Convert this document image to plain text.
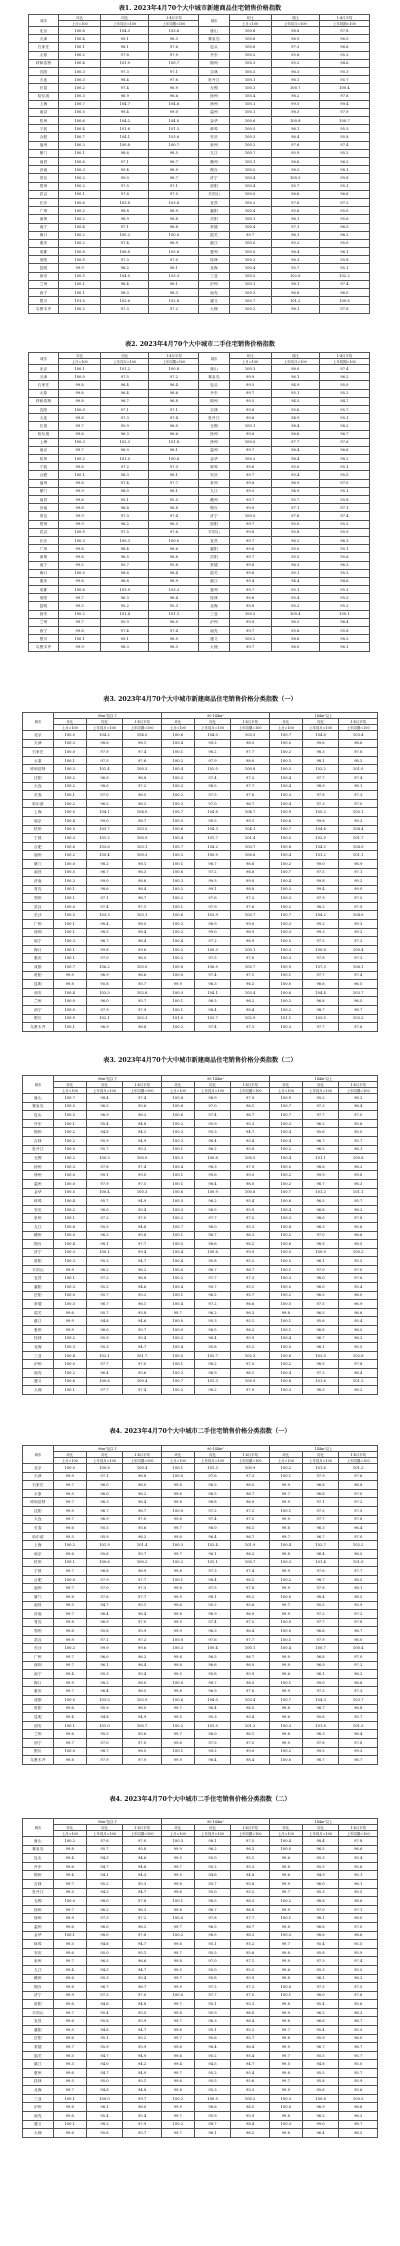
表1. 2023年4月70个大中城市新建商品住宅销售价格指数
城市	环比	同比	1-4月平均	城市	环比	同比	1-4月平均
	上月=100	上年同月=100	上年同期=100		上月=100	上年同月=100	上年同期=100
北京	100.6	104.3	103.6	唐山	100.8	98.8	97.8
天津	100.4	99.1	98.3	秦皇岛	100.6	96.9	96.0
石家庄	100.1	98.1	97.6	包头	100.6	97.3	96.6
太原	100.2	97.8	97.9	丹东	100.2	95.8	95.2
呼和浩特	100.4	101.9	100.7	锦州	100.3	95.2	94.6
沈阳	100.3	97.3	97.1	吉林	100.3	96.3	95.3
大连	100.3	98.4	97.6	牡丹江	100.1	96.1	95.7
长春	100.2	97.4	96.9	无锡	100.3	100.7	100.4
哈尔滨	100.3	96.9	96.6	扬州	100.4	98.2	97.8
上海	100.7	104.7	104.6	徐州	100.1	99.5	99.4
南京	100.5	99.4	99.0	温州	100.1	98.3	97.9
杭州	100.6	104.2	104.0	金华	100.6	100.8	100.7
宁波	100.4	101.6	101.3	蚌埠	100.5	96.1	95.3
合肥	100.7	104.1	103.6	安庆	100.3	96.4	95.8
福州	100.3	100.8	100.7	泉州	100.2	97.6	97.4
厦门	100.1	98.6	98.5	九江	100.7	95.9	95.2
南昌	100.6	97.1	96.7	赣州	100.1	96.6	96.2
济南	100.3	99.4	98.9	烟台	100.5	98.5	98.1
青岛	100.2	99.0	98.7	济宁	100.4	100.5	99.8
郑州	100.2	97.5	97.1	洛阳	100.4	95.7	95.1
武汉	100.1	97.8	97.5	平顶山	100.0	96.6	96.6
长沙	100.6	103.8	103.6	宜昌	100.2	97.6	97.2
广州	100.2	98.8	98.9	襄阳	100.4	95.6	95.0
深圳	100.2	98.9	98.8	岳阳	100.1	96.1	95.6
南宁	100.4	97.1	96.8	常德	100.4	97.1	96.5
海口	100.2	100.2	100.0	韶关	99.7	96.1	96.2
重庆	100.2	97.4	96.9	湛江	100.0	95.2	95.0
成都	100.8	106.8	105.6	惠州	100.0	96.4	96.1
贵阳	100.0	97.3	97.0	桂林	100.3	96.3	95.8
昆明	99.9	96.2	96.1	北海	100.4	95.7	95.1
西安	100.5	104.0	103.3	三亚	100.5	102.6	102.2
兰州	100.1	96.4	96.1	泸州	100.1	98.1	97.4
西宁	100.1	98.3	98.3	南充	100.3	96.8	96.0
银川	101.0	102.6	102.8	遵义	100.7	101.2	100.8
乌鲁木齐	100.2	97.3	97.2	大理	100.2	98.1	97.8
表2. 2023年4月70个大中城市二手住宅销售价格指数
城市	环比	同比	1-4月平均	城市	环比	同比	1-4月平均
	上月=100	上年同月=100	上年同期=100		上月=100	上年同月=100	上年同期=100
北京	100.1	101.2	100.8	唐山	100.3	98.0	97.4
天津	100.0	97.5	97.2	秦皇岛	99.9	96.1	96.2
石家庄	99.8	96.4	96.4	包头	99.5	94.9	95.0
太原	99.6	96.4	96.6	丹东	99.7	95.1	95.2
呼和浩特	99.8	96.7	96.8	锦州	99.5	94.5	94.7
沈阳	100.0	97.1	97.1	吉林	99.8	95.6	95.7
大连	99.8	97.3	97.4	牡丹江	99.6	94.9	95.1
长春	99.7	95.9	96.0	无锡	100.1	98.4	98.2
哈尔滨	99.6	96.3	96.6	扬州	99.8	96.6	96.7
上海	100.3	102.3	101.8	徐州	100.0	97.7	97.6
南京	99.7	96.0	96.1	温州	99.7	96.4	96.6
杭州	100.2	101.0	100.6	金华	100.2	98.4	98.2
宁波	99.8	97.2	97.3	蚌埠	99.6	95.0	95.1
合肥	100.1	98.3	98.1	安庆	99.7	95.4	95.5
福州	99.8	97.4	97.7	泉州	99.8	96.9	97.0
厦门	99.9	98.0	98.1	九江	99.5	94.9	95.1
南昌	99.6	95.1	95.5	赣州	99.7	95.7	95.8
济南	99.8	96.8	96.8	烟台	99.9	97.1	97.1
青岛	99.9	97.3	97.4	济宁	100.0	97.6	97.4
郑州	99.9	96.2	96.3	洛阳	99.7	95.0	95.2
武汉	100.0	97.5	97.6	平顶山	99.8	95.8	95.9
长沙	100.3	100.3	100.0	宜昌	99.7	96.2	96.3
广州	99.8	96.4	96.6	襄阳	99.6	95.0	95.1
深圳	99.8	96.5	96.8	岳阳	99.7	95.5	95.6
南宁	99.5	95.7	95.8	常德	99.8	96.3	96.3
海口	100.0	98.6	98.4	韶关	99.6	95.1	95.3
重庆	99.8	96.8	96.9	湛江	99.4	94.4	94.6
成都	100.6	103.9	103.3	惠州	99.7	95.1	95.3
贵阳	99.7	96.3	96.4	桂林	99.6	95.4	95.5
昆明	99.5	95.2	95.3	北海	99.8	95.2	95.2
西安	100.2	101.4	101.1	三亚	100.2	100.4	100.1
兰州	99.7	95.9	96.0	泸州	99.9	96.5	96.4
西宁	99.8	97.4	97.4	南充	99.7	95.8	95.8
银川	100.1	99.1	98.9	遵义	100.2	98.6	98.3
乌鲁木齐	99.9	98.3	98.3	大理	99.7	96.0	96.1
表3. 2023年4月70个大中城市新建商品住宅销售价格分类指数（一）
城市	90m²及以下			90-144m²			144m²以上		
	环比	同比	1-4月平均	环比	同比	1-4月平均	环比	同比	1-4月平均
	上月=100	上年同月=100	上年同期=100	上月=100	上年同月=100	上年同期=100	上月=100	上年同月=100	上年同期=100
北京	100.5	104.2	104.5	100.6	104.0	103.3	100.7	104.8	103.4
天津	100.3	98.8	98.1	100.4	99.2	98.5	100.5	99.6	98.6
石家庄	100.0	97.9	97.4	100.1	98.2	97.7	100.2	98.3	97.8
太原	100.1	97.5	97.6	100.2	97.9	98.0	100.3	98.1	98.2
呼和浩特	100.3	101.4	100.3	100.4	102.0	100.8	100.5	102.2	101.0
沈阳	100.2	96.9	96.8	100.3	97.4	97.2	100.4	97.7	97.4
大连	100.2	98.0	97.2	100.3	98.5	97.7	100.4	98.9	98.1
长春	100.1	97.0	96.5	100.2	97.5	97.0	100.3	97.8	97.3
哈尔滨	100.2	96.5	96.2	100.3	97.0	96.7	100.4	97.3	97.0
上海	100.5	104.1	104.0	100.7	104.8	104.7	100.9	105.2	105.1
南京	100.4	99.0	98.7	100.5	99.5	99.1	100.6	99.8	99.3
杭州	100.5	103.7	103.5	100.6	104.3	104.1	100.7	104.6	104.4
宁波	100.3	101.2	100.9	100.4	101.7	101.4	100.5	102.0	101.7
合肥	100.6	103.6	103.1	100.7	104.2	103.7	100.8	104.5	104.0
福州	100.2	100.4	100.3	100.3	100.9	100.8	100.4	101.2	101.1
厦门	100.0	98.2	98.1	100.1	98.7	98.6	100.2	99.0	98.9
南昌	100.5	96.7	96.3	100.6	97.2	96.8	100.7	97.5	97.1
济南	100.2	99.0	98.6	100.3	99.5	99.0	100.4	99.8	99.2
青岛	100.1	98.6	98.4	100.2	99.1	98.8	100.3	99.4	99.0
郑州	100.1	97.1	96.7	100.2	97.6	97.2	100.3	97.9	97.5
武汉	100.0	97.4	97.1	100.1	97.9	97.6	100.2	98.2	97.9
长沙	100.5	103.3	103.1	100.6	103.9	103.7	100.7	104.2	104.0
广州	100.1	98.4	98.5	100.2	98.9	99.0	100.3	99.2	99.3
深圳	100.1	98.5	98.4	100.2	99.0	98.9	100.3	99.3	99.2
南宁	100.3	96.7	96.4	100.4	97.2	96.9	100.5	97.5	97.2
海口	100.1	99.8	99.6	100.2	100.3	100.1	100.3	100.6	100.4
重庆	100.1	97.0	96.5	100.2	97.5	97.0	100.3	97.8	97.3
成都	100.7	106.2	105.0	100.8	106.9	105.7	100.9	107.3	106.1
贵阳	99.9	96.9	96.6	100.0	97.4	97.1	100.1	97.7	97.4
昆明	99.8	95.8	95.7	99.9	96.3	96.2	100.0	96.6	96.5
西安	100.4	103.5	102.8	100.5	104.1	103.4	100.6	104.4	103.7
兰州	100.0	96.0	95.7	100.1	96.5	96.2	100.2	96.8	96.5
西宁	100.0	97.9	97.9	100.1	98.4	98.4	100.2	98.7	98.7
银川	100.9	102.1	102.3	101.0	102.7	102.9	101.1	103.0	103.2
乌鲁木齐	100.1	96.9	96.8	100.2	97.4	97.3	100.3	97.7	97.6
表3. 2023年4月70个大中城市新建商品住宅销售价格分类指数（二）
城市	90m²及以下			90-144m²			144m²以上		
	环比	同比	1-4月平均	环比	同比	1-4月平均	环比	同比	1-4月平均
	上月=100	上年同月=100	上年同期=100	上月=100	上年同月=100	上年同期=100	上月=100	上年同月=100	上年同期=100
唐山	100.7	98.4	97.4	100.8	98.9	97.9	100.9	99.2	98.2
秦皇岛	100.5	96.5	95.6	100.6	97.0	96.1	100.7	97.3	96.4
包头	100.5	96.9	96.2	100.6	97.4	96.7	100.7	97.7	97.0
丹东	100.1	95.4	94.8	100.2	95.9	95.3	100.3	96.2	95.6
锦州	100.2	94.8	94.2	100.3	95.3	94.7	100.4	95.6	95.0
吉林	100.2	95.9	94.9	100.3	96.4	95.4	100.4	96.7	95.7
牡丹江	100.0	95.7	95.3	100.1	96.2	95.8	100.2	96.5	96.1
无锡	100.2	100.3	100.0	100.3	100.8	100.5	100.4	101.1	100.8
扬州	100.3	97.8	97.4	100.4	98.3	97.9	100.5	98.6	98.2
徐州	100.0	99.1	99.0	100.1	99.6	99.5	100.2	99.9	99.8
温州	100.0	97.9	97.5	100.1	98.4	98.0	100.2	98.7	98.3
金华	100.5	100.4	100.3	100.6	100.9	100.8	100.7	101.2	101.1
蚌埠	100.4	95.7	94.9	100.5	96.2	95.4	100.6	96.5	95.7
安庆	100.2	96.0	95.4	100.3	96.5	95.9	100.4	96.8	96.2
泉州	100.1	97.2	97.0	100.2	97.7	97.5	100.3	98.0	97.8
九江	100.6	95.5	94.8	100.7	96.0	95.3	100.8	96.3	95.6
赣州	100.0	96.2	95.8	100.1	96.7	96.3	100.2	97.0	96.6
烟台	100.4	98.1	97.7	100.5	98.6	98.2	100.6	98.9	98.5
济宁	100.3	100.1	99.4	100.4	100.6	99.9	100.5	100.9	100.2
洛阳	100.3	95.3	94.7	100.4	95.8	95.2	100.5	96.1	95.5
平顶山	99.9	96.2	96.2	100.0	96.7	96.7	100.1	97.0	97.0
宜昌	100.1	97.2	96.8	100.2	97.7	97.3	100.3	98.0	97.6
襄阳	100.3	95.2	94.6	100.4	95.7	95.1	100.5	96.0	95.4
岳阳	100.0	95.7	95.2	100.1	96.2	95.7	100.2	96.5	96.0
常德	100.3	96.7	96.1	100.4	97.2	96.6	100.5	97.5	96.9
韶关	99.6	95.7	95.8	99.7	96.2	96.3	99.8	96.5	96.6
湛江	99.9	94.8	94.6	100.0	95.3	95.1	100.1	95.6	95.4
惠州	99.9	96.0	95.7	100.0	96.5	96.2	100.1	96.8	96.5
桂林	100.2	95.9	95.4	100.3	96.4	95.9	100.4	96.7	96.2
北海	100.3	95.3	94.7	100.4	95.8	95.2	100.5	96.1	95.5
三亚	100.4	102.1	101.7	100.5	102.7	102.3	100.6	103.0	102.6
泸州	100.0	97.7	97.0	100.1	98.2	97.5	100.2	98.5	97.8
南充	100.2	96.4	95.6	100.3	96.9	96.1	100.4	97.2	96.4
遵义	100.6	100.8	100.4	100.7	101.3	100.9	100.8	101.6	101.2
大理	100.1	97.7	97.4	100.2	98.2	97.9	100.3	98.5	98.2
表4. 2023年4月70个大中城市二手住宅销售价格分类指数（一）
城市	90m²及以下			90-144m²			144m²以上		
	环比	同比	1-4月平均	环比	同比	1-4月平均	环比	同比	1-4月平均
	上月=100	上年同月=100	上年同期=100	上月=100	上年同月=100	上年同期=100	上月=100	上年同月=100	上年同期=100
北京	100.0	100.8	100.4	100.1	101.3	100.9	100.2	101.6	101.2
天津	99.9	97.1	96.8	100.0	97.6	97.3	100.1	97.9	97.6
石家庄	99.7	96.0	96.0	99.8	96.5	96.5	99.9	96.8	96.8
太原	99.5	96.0	96.2	99.6	96.5	96.7	99.7	96.8	97.0
呼和浩特	99.7	96.3	96.4	99.8	96.8	96.9	99.9	97.1	97.2
沈阳	99.9	96.7	96.7	100.0	97.2	97.2	100.1	97.5	97.5
大连	99.7	96.9	97.0	99.8	97.4	97.5	99.9	97.7	97.8
长春	99.6	95.5	95.6	99.7	96.0	96.1	99.8	96.3	96.4
哈尔滨	99.5	95.9	96.2	99.6	96.4	96.7	99.7	96.7	97.0
上海	100.2	101.9	101.4	100.3	102.4	101.9	100.4	102.7	102.2
南京	99.6	95.6	95.7	99.7	96.1	96.2	99.8	96.4	96.5
杭州	100.1	100.6	100.2	100.2	101.1	100.7	100.3	101.4	101.0
宁波	99.7	96.8	96.9	99.8	97.3	97.4	99.9	97.6	97.7
合肥	100.0	97.9	97.7	100.1	98.4	98.2	100.2	98.7	98.5
福州	99.7	97.0	97.3	99.8	97.5	97.8	99.9	97.8	98.1
厦门	99.8	97.6	97.7	99.9	98.1	98.2	100.0	98.4	98.5
南昌	99.5	94.7	95.1	99.6	95.2	95.6	99.7	95.5	95.9
济南	99.7	96.4	96.4	99.8	96.9	96.9	99.9	97.2	97.2
青岛	99.8	96.9	97.0	99.9	97.4	97.5	100.0	97.7	97.8
郑州	99.8	95.8	95.9	99.9	96.3	96.4	100.0	96.6	96.7
武汉	99.9	97.1	97.2	100.0	97.6	97.7	100.1	97.9	98.0
长沙	100.2	99.9	99.6	100.3	100.4	100.1	100.4	100.7	100.4
广州	99.7	96.0	96.2	99.8	96.5	96.7	99.9	96.8	97.0
深圳	99.7	96.1	96.4	99.8	96.6	96.9	99.9	96.9	97.2
南宁	99.4	95.3	95.4	99.5	95.8	95.9	99.6	96.1	96.2
海口	99.9	98.2	98.0	100.0	98.7	98.5	100.1	99.0	98.8
重庆	99.7	96.4	96.5	99.8	96.9	97.0	99.9	97.2	97.3
成都	100.5	103.5	102.9	100.6	104.0	103.4	100.7	104.3	103.7
贵阳	99.6	95.9	96.0	99.7	96.4	96.5	99.8	96.7	96.8
昆明	99.4	94.8	94.9	99.5	95.3	95.4	99.6	95.6	95.7
西安	100.1	101.0	100.7	100.2	101.5	101.2	100.3	101.8	101.5
兰州	99.6	95.5	95.6	99.7	96.0	96.1	99.8	96.3	96.4
西宁	99.7	97.0	97.0	99.8	97.5	97.5	99.9	97.8	97.8
银川	100.0	98.7	98.5	100.1	99.2	99.0	100.2	99.5	99.3
乌鲁木齐	99.8	97.9	97.9	99.9	98.4	98.4	100.0	98.7	98.7
表4. 2023年4月70个大中城市二手住宅销售价格分类指数（二）
城市	90m²及以下			90-144m²			144m²以上		
	环比	同比	1-4月平均	环比	同比	1-4月平均	环比	同比	1-4月平均
	上月=100	上年同月=100	上年同期=100	上月=100	上年同月=100	上年同期=100	上月=100	上年同月=100	上年同期=100
唐山	100.2	97.6	97.0	100.3	98.1	97.5	100.4	98.4	97.8
秦皇岛	99.8	95.7	95.8	99.9	96.2	96.3	100.0	96.5	96.6
包头	99.4	94.5	94.6	99.5	95.0	95.1	99.6	95.3	95.4
丹东	99.6	94.7	94.8	99.7	95.2	95.3	99.8	95.5	95.6
锦州	99.4	94.1	94.3	99.5	94.6	94.8	99.6	94.9	95.1
吉林	99.7	95.2	95.3	99.8	95.7	95.8	99.9	96.0	96.1
牡丹江	99.5	94.5	94.7	99.6	95.0	95.2	99.7	95.3	95.5
无锡	100.0	98.0	97.8	100.1	98.5	98.3	100.2	98.8	98.6
扬州	99.7	96.2	96.3	99.8	96.7	96.8	99.9	97.0	97.1
徐州	99.9	97.3	97.2	100.0	97.8	97.7	100.1	98.1	98.0
温州	99.6	96.0	96.2	99.7	96.5	96.7	99.8	96.8	97.0
金华	100.1	98.0	97.8	100.2	98.5	98.3	100.3	98.8	98.6
蚌埠	99.5	94.6	94.7	99.6	95.1	95.2	99.7	95.4	95.5
安庆	99.6	95.0	95.1	99.7	95.5	95.6	99.8	95.8	95.9
泉州	99.7	96.5	96.6	99.8	97.0	97.1	99.9	97.3	97.4
九江	99.4	94.5	94.7	99.5	95.0	95.2	99.6	95.3	95.5
赣州	99.6	95.3	95.4	99.7	95.8	95.9	99.8	96.1	96.2
烟台	99.8	96.7	96.7	99.9	97.2	97.2	100.0	97.5	97.5
济宁	99.9	97.2	97.0	100.0	97.7	97.5	100.1	98.0	97.8
洛阳	99.6	94.6	94.8	99.7	95.1	95.3	99.8	95.4	95.6
平顶山	99.7	95.4	95.5	99.8	95.9	96.0	99.9	96.2	96.3
宜昌	99.6	95.8	95.9	99.7	96.3	96.4	99.8	96.6	96.7
襄阳	99.5	94.6	94.7	99.6	95.1	95.2	99.7	95.4	95.5
岳阳	99.6	95.1	95.2	99.7	95.6	95.7	99.8	95.9	96.0
常德	99.7	95.9	95.9	99.8	96.4	96.4	99.9	96.7	96.7
韶关	99.5	94.7	94.9	99.6	95.2	95.4	99.7	95.5	95.7
湛江	99.3	94.0	94.2	99.4	94.5	94.7	99.5	94.8	95.0
惠州	99.6	94.7	94.9	99.7	95.2	95.4	99.8	95.5	95.7
桂林	99.5	95.0	95.1	99.6	95.5	95.6	99.7	95.8	95.9
北海	99.7	94.8	94.8	99.8	95.3	95.3	99.9	95.6	95.6
三亚	100.1	100.0	99.7	100.2	100.5	100.2	100.3	100.8	100.5
泸州	99.8	96.1	96.0	99.9	96.6	96.5	100.0	96.9	96.8
南充	99.6	95.4	95.4	99.7	95.9	95.9	99.8	96.2	96.2
遵义	100.1	98.2	97.9	100.2	98.7	98.4	100.3	99.0	98.7
大理	99.6	95.6	95.7	99.7	96.1	96.2	99.8	96.4	96.5
